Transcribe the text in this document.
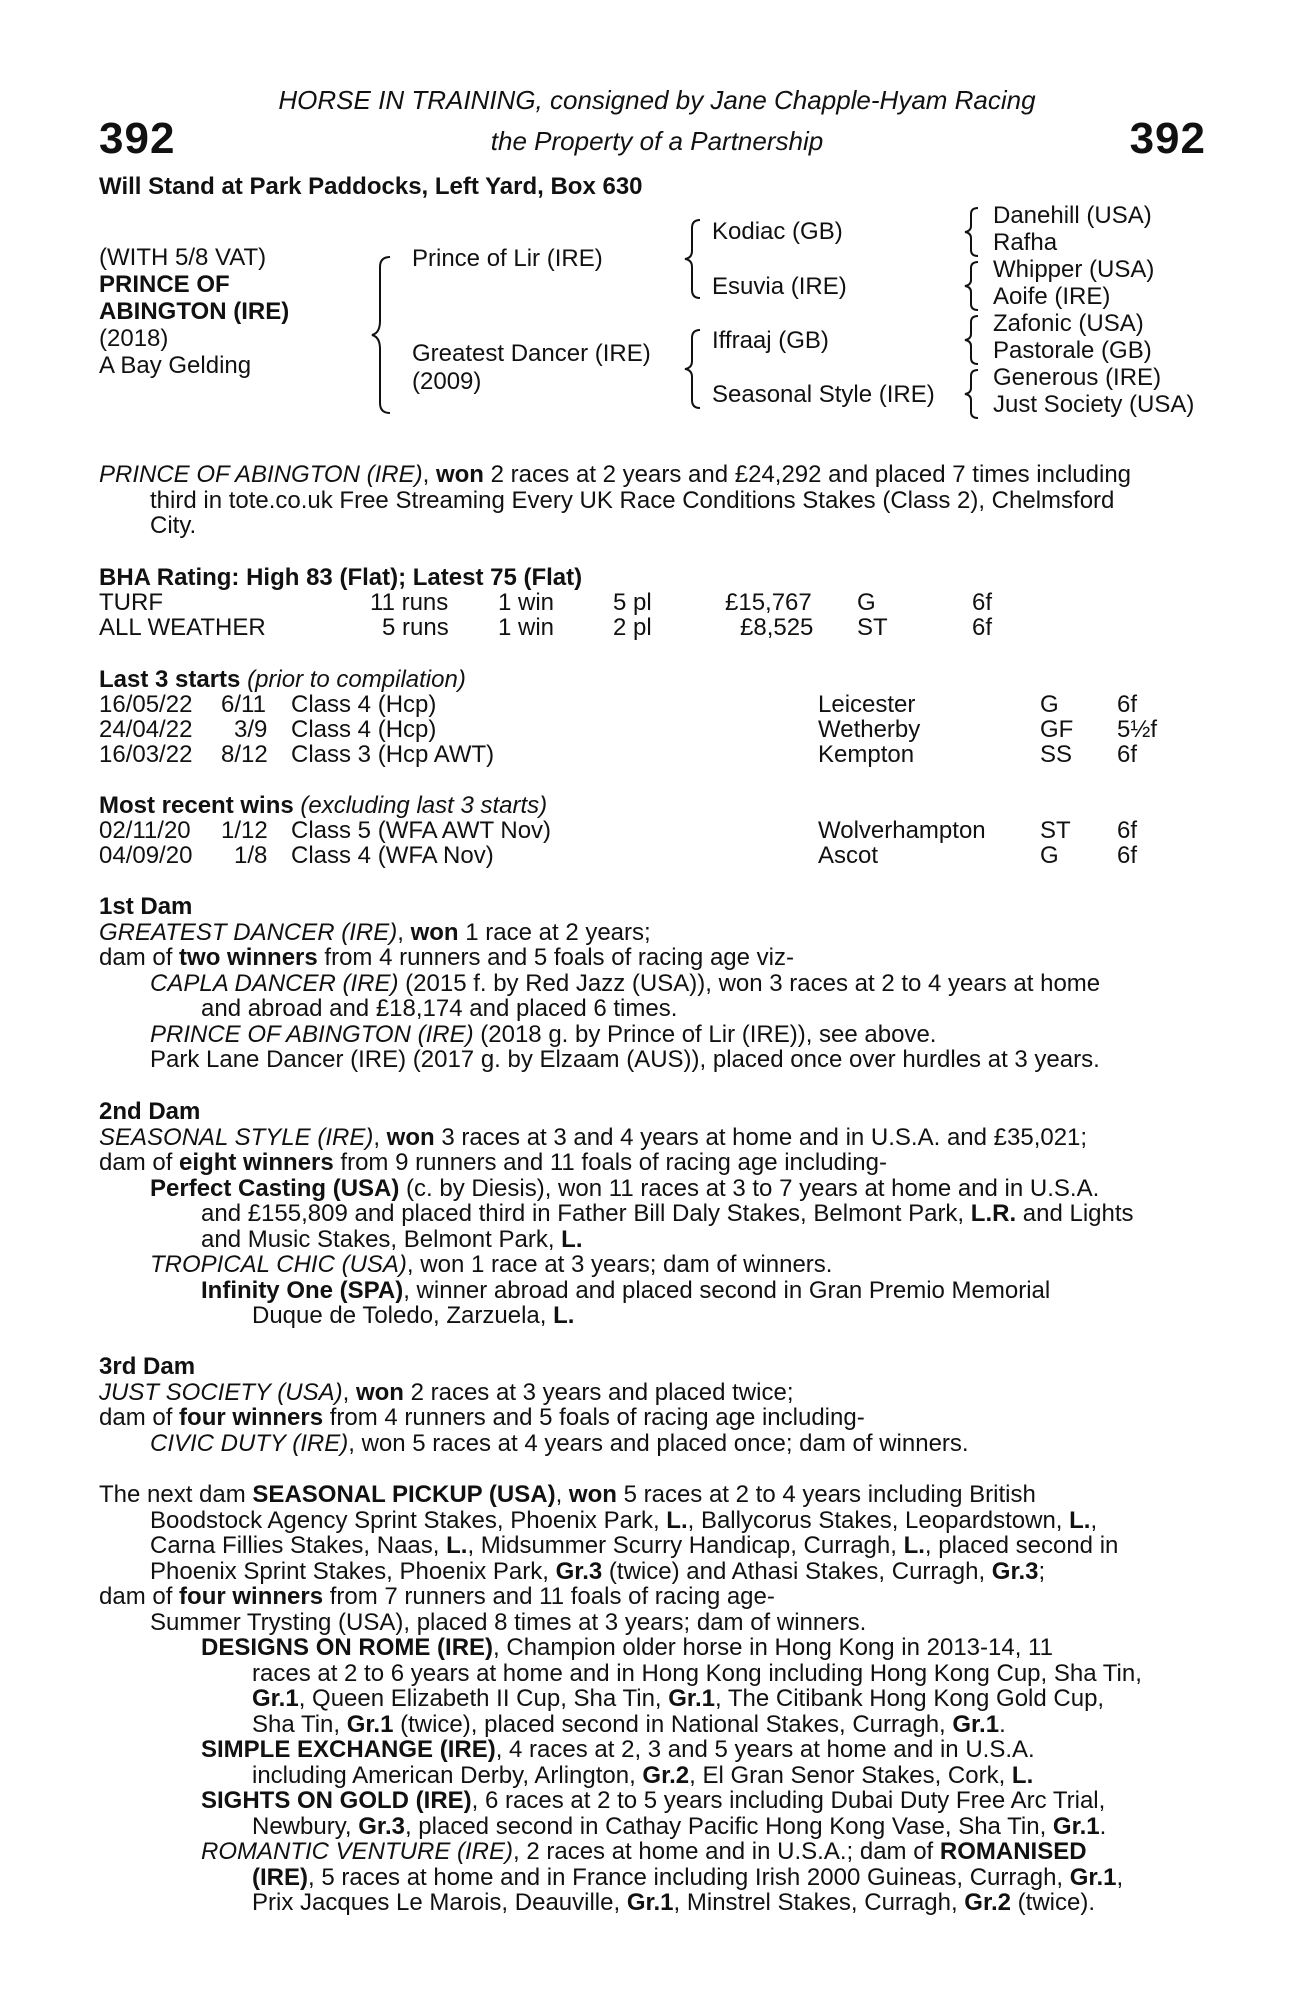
392	392
HORSE IN TRAINING, consigned by Jane Chapple-Hyam Racing
the Property of a Partnership
Will Stand at Park Paddocks, Left Yard, Box 630
(WITH 5/8 VAT)
PRINCE OF
ABINGTON (IRE)
(2018)
A Bay Gelding
Prince of Lir (IRE)
Greatest Dancer (IRE)
(2009)
Kodiac (GB)
Esuvia (IRE)
Iffraaj (GB)
Seasonal Style (IRE)
Danehill (USA)
Rafha
Whipper (USA)
Aoife (IRE)
Zafonic (USA)
Pastorale (GB)
Generous (IRE)
Just Society (USA)
PRINCE OF ABINGTON (IRE), won 2 races at 2 years and £24,292 and placed 7 times including
third in tote.co.uk Free Streaming Every UK Race Conditions Stakes (Class 2), Chelmsford
City.
BHA Rating: High 83 (Flat); Latest 75 (Flat)
TURF	11 runs 1 win 5 pl	£15,767 G	6f
ALL WEATHER	5 runs 1 win 2 pl	£8,525 ST	6f
Last 3 starts (prior to compilation)
16/05/22 6/11 Class 4 (Hcp)	Leicester	G 6f
24/04/22 3/9 Class 4 (Hcp)	Wetherby	GF 5½f
16/03/22 8/12 Class 3 (Hcp AWT)	Kempton	SS 6f
Most recent wins (excluding last 3 starts)
02/11/20 1/12 Class 5 (WFA AWT Nov)	Wolverhampton ST 6f
04/09/20 1/8 Class 4 (WFA Nov)	Ascot	G 6f
1st Dam
GREATEST DANCER (IRE), won 1 race at 2 years;
dam of two winners from 4 runners and 5 foals of racing age viz-
CAPLA DANCER (IRE) (2015 f. by Red Jazz (USA)), won 3 races at 2 to 4 years at home
and abroad and £18,174 and placed 6 times.
PRINCE OF ABINGTON (IRE) (2018 g. by Prince of Lir (IRE)), see above.
Park Lane Dancer (IRE) (2017 g. by Elzaam (AUS)), placed once over hurdles at 3 years.
2nd Dam
SEASONAL STYLE (IRE), won 3 races at 3 and 4 years at home and in U.S.A. and £35,021;
dam of eight winners from 9 runners and 11 foals of racing age including-
Perfect Casting (USA) (c. by Diesis), won 11 races at 3 to 7 years at home and in U.S.A.
and £155,809 and placed third in Father Bill Daly Stakes, Belmont Park, L.R. and Lights
and Music Stakes, Belmont Park, L.
TROPICAL CHIC (USA), won 1 race at 3 years; dam of winners.
Infinity One (SPA), winner abroad and placed second in Gran Premio Memorial
Duque de Toledo, Zarzuela, L.
3rd Dam
JUST SOCIETY (USA), won 2 races at 3 years and placed twice;
dam of four winners from 4 runners and 5 foals of racing age including-
CIVIC DUTY (IRE), won 5 races at 4 years and placed once; dam of winners.
The next dam SEASONAL PICKUP (USA), won 5 races at 2 to 4 years including British
Boodstock Agency Sprint Stakes, Phoenix Park, L., Ballycorus Stakes, Leopardstown, L.,
Carna Fillies Stakes, Naas, L., Midsummer Scurry Handicap, Curragh, L., placed second in
Phoenix Sprint Stakes, Phoenix Park, Gr.3 (twice) and Athasi Stakes, Curragh, Gr.3;
dam of four winners from 7 runners and 11 foals of racing age-
Summer Trysting (USA), placed 8 times at 3 years; dam of winners.
DESIGNS ON ROME (IRE), Champion older horse in Hong Kong in 2013-14, 11
races at 2 to 6 years at home and in Hong Kong including Hong Kong Cup, Sha Tin,
Gr.1, Queen Elizabeth II Cup, Sha Tin, Gr.1, The Citibank Hong Kong Gold Cup,
Sha Tin, Gr.1 (twice), placed second in National Stakes, Curragh, Gr.1.
SIMPLE EXCHANGE (IRE), 4 races at 2, 3 and 5 years at home and in U.S.A.
including American Derby, Arlington, Gr.2, El Gran Senor Stakes, Cork, L.
SIGHTS ON GOLD (IRE), 6 races at 2 to 5 years including Dubai Duty Free Arc Trial,
Newbury, Gr.3, placed second in Cathay Pacific Hong Kong Vase, Sha Tin, Gr.1.
ROMANTIC VENTURE (IRE), 2 races at home and in U.S.A.; dam of ROMANISED
(IRE), 5 races at home and in France including Irish 2000 Guineas, Curragh, Gr.1,
Prix Jacques Le Marois, Deauville, Gr.1, Minstrel Stakes, Curragh, Gr.2 (twice).
